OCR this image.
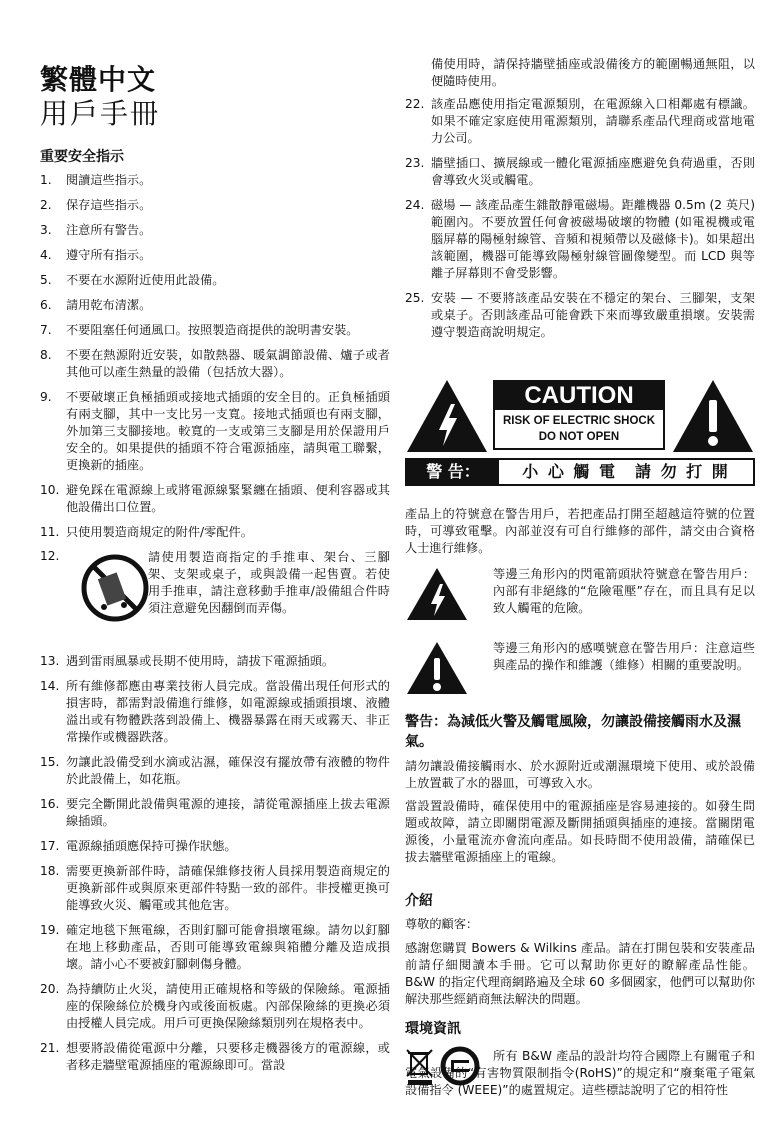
繁體中文
用戶手冊
重要安全指示
1. 閱讀這些指示。
2. 保存這些指示。
3. 注意所有警告。
4. 遵守所有指示。
5. 不要在水源附近使用此設備。
6. 請用乾布清潔。
7. 不要阻塞任何通風口。按照製造商提供的說明書安裝。
8. 不要在熱源附近安裝，如散熱器、暖氣調節設備、爐子或者其他可以產生熱量的設備（包括放大器）。
9. 不要破壞正負極插頭或接地式插頭的安全目的。正負極插頭有兩支腳，其中一支比另一支寬。接地式插頭也有兩支腳，外加第三支腳接地。較寬的一支或第三支腳是用於保證用戶安全的。如果提供的插頭不符合電源插座，請與電工聯繫，更換新的插座。
10. 避免踩在電源線上或將電源線緊緊纏在插頭、便利容器或其他設備出口位置。
11. 只使用製造商規定的附件/零配件。
12.	請使用製造商指定的手推車、架台、三腳架、支架或桌子，或與設備一起售賣。若使用手推車，請注意移動手推車/設備組合件時須注意避免因翻倒而弄傷。
13. 遇到雷雨風暴或長期不使用時，請拔下電源插頭。
14. 所有維修都應由專業技術人員完成。當設備出現任何形式的損害時，都需對設備進行維修，如電源線或插頭損壞、液體溢出或有物體跌落到設備上、機器暴露在雨天或霧天、非正常操作或機器跌落。
15. 勿讓此設備受到水滴或沾濕，確保沒有擺放帶有液體的物件於此設備上，如花瓶。
16. 要完全斷開此設備與電源的連接，請從電源插座上拔去電源線插頭。
17. 電源線插頭應保持可操作狀態。
18. 需要更換新部件時，請確保維修技術人員採用製造商規定的更換新部件或與原來更部件特點一致的部件。非授權更換可能導致火災、觸電或其他危害。
19. 確定地毯下無電線，否則釘腳可能會損壞電線。請勿以釘腳在地上移動產品，否則可能導致電線與箱體分離及造成損壞。請小心不要被釘腳刺傷身體。
20. 為持續防止火災，請使用正確規格和等級的保險絲。電源插座的保險絲位於機身內或後面板處。內部保險絲的更換必須由授權人員完成。用戶可更換保險絲類別列在規格表中。
21. 想要將設備從電源中分離，只要移走機器後方的電源線，或者移走牆壁電源插座的電源線即可。當設
備使用時，請保持牆壁插座或設備後方的範圍暢通無阻，以便隨時使用。
22. 該產品應使用指定電源類別，在電源線入口相鄰處有標識。如果不確定家庭使用電源類別，請聯系產品代理商或當地電力公司。
23. 牆壁插口、擴展線或一體化電源插座應避免負荷過重，否則會導致火災或觸電。
24. 磁場 — 該產品產生雜散靜電磁場。距離機器 0.5m (2 英尺) 範圍內。不要放置任何會被磁場破壞的物體 (如電視機或電腦屏幕的陽極射線管、音頻和視頻帶以及磁條卡)。如果超出該範圍，機器可能導致陽極射線管圖像變型。而 LCD 與等離子屏幕則不會受影響。
25. 安裝 — 不要將該產品安裝在不穩定的架台、三腳架，支架或桌子。否則該產品可能會跌下來而導致嚴重損壞。安裝需遵守製造商說明規定。
CAUTION
RISK OF ELECTRIC SHOCK
DO NOT OPEN
警 告：	小 心 觸 電　請 勿 打 開
產品上的符號意在警告用戶，若把產品打開至超越這符號的位置時，可導致電擊。內部並沒有可自行維修的部件，請交由合資格人士進行維修。
等邊三角形內的閃電箭頭狀符號意在警告用戶：內部有非絕緣的“危險電壓”存在，而且具有足以致人觸電的危險。
等邊三角形內的感嘆號意在警告用戶：注意這些與產品的操作和維護（維修）相關的重要說明。
警告：為減低火警及觸電風險，勿讓設備接觸雨水及濕氣。
請勿讓設備接觸雨水、於水源附近或潮濕環境下使用、或於設備上放置載了水的器皿，可導致入水。
當設置設備時，確保使用中的電源插座是容易連接的。如發生問題或故障，請立即關閉電源及斷開插頭與插座的連接。當關閉電源後，小量電流亦會流向產品。如長時間不使用設備，請確保已拔去牆壁電源插座上的電線。
介紹
尊敬的顧客：
感謝您購買 Bowers & Wilkins 產品。請在打開包裝和安裝產品前請仔細閱讀本手冊。它可以幫助你更好的瞭解產品性能。 B&W 的指定代理商網路遍及全球 60 多個國家，他們可以幫助你解決那些經銷商無法解決的問題。
環境資訊
所有 B&W 產品的設計均符合國際上有關電子和電氣設備的“有害物質限制指令(RoHS)”的規定和“廢棄電子電氣設備指令 (WEEE)”的處置規定。這些標誌說明了它的相符性
